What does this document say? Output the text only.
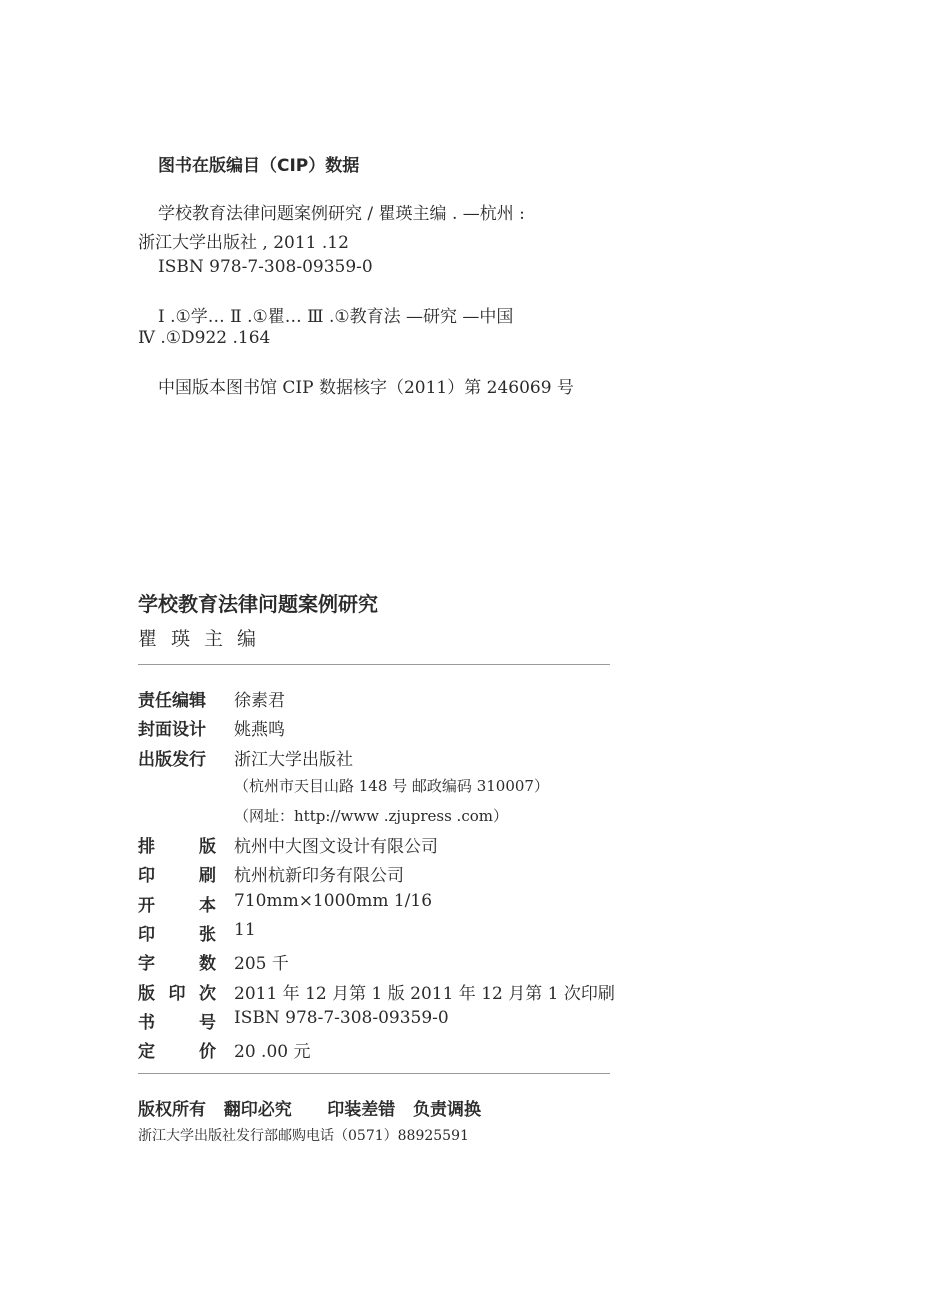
图书在版编目（CIP）数据
学校教育法律问题案例研究 / 瞿瑛主编 . —杭州 :
浙江大学出版社 , 2011 .12
ISBN 978-7-308-09359-0
Ⅰ .①学… Ⅱ .①瞿… Ⅲ .①教育法 —研究 —中国
Ⅳ .①D922 .164
中国版本图书馆 CIP 数据核字（2011）第 246069 号
学校教育法律问题案例研究
瞿瑛主编
责任编辑 徐素君
封面设计 姚燕鸣
出版发行 浙江大学出版社
（杭州市天目山路 148 号 邮政编码 310007）
（网址：http://www .zjupress .com）
排	版 杭州中大图文设计有限公司
印	刷 杭州杭新印务有限公司
开	本 710mm×1000mm 1/16
印	张 11
字	数 205 千
版 印 次 2011 年 12 月第 1 版 2011 年 12 月第 1 次印刷
书	号 ISBN 978-7-308-09359-0
定	价 20 .00 元
版权所有   翻印必究      印装差错   负责调换
浙江大学出版社发行部邮购电话（0571）88925591
